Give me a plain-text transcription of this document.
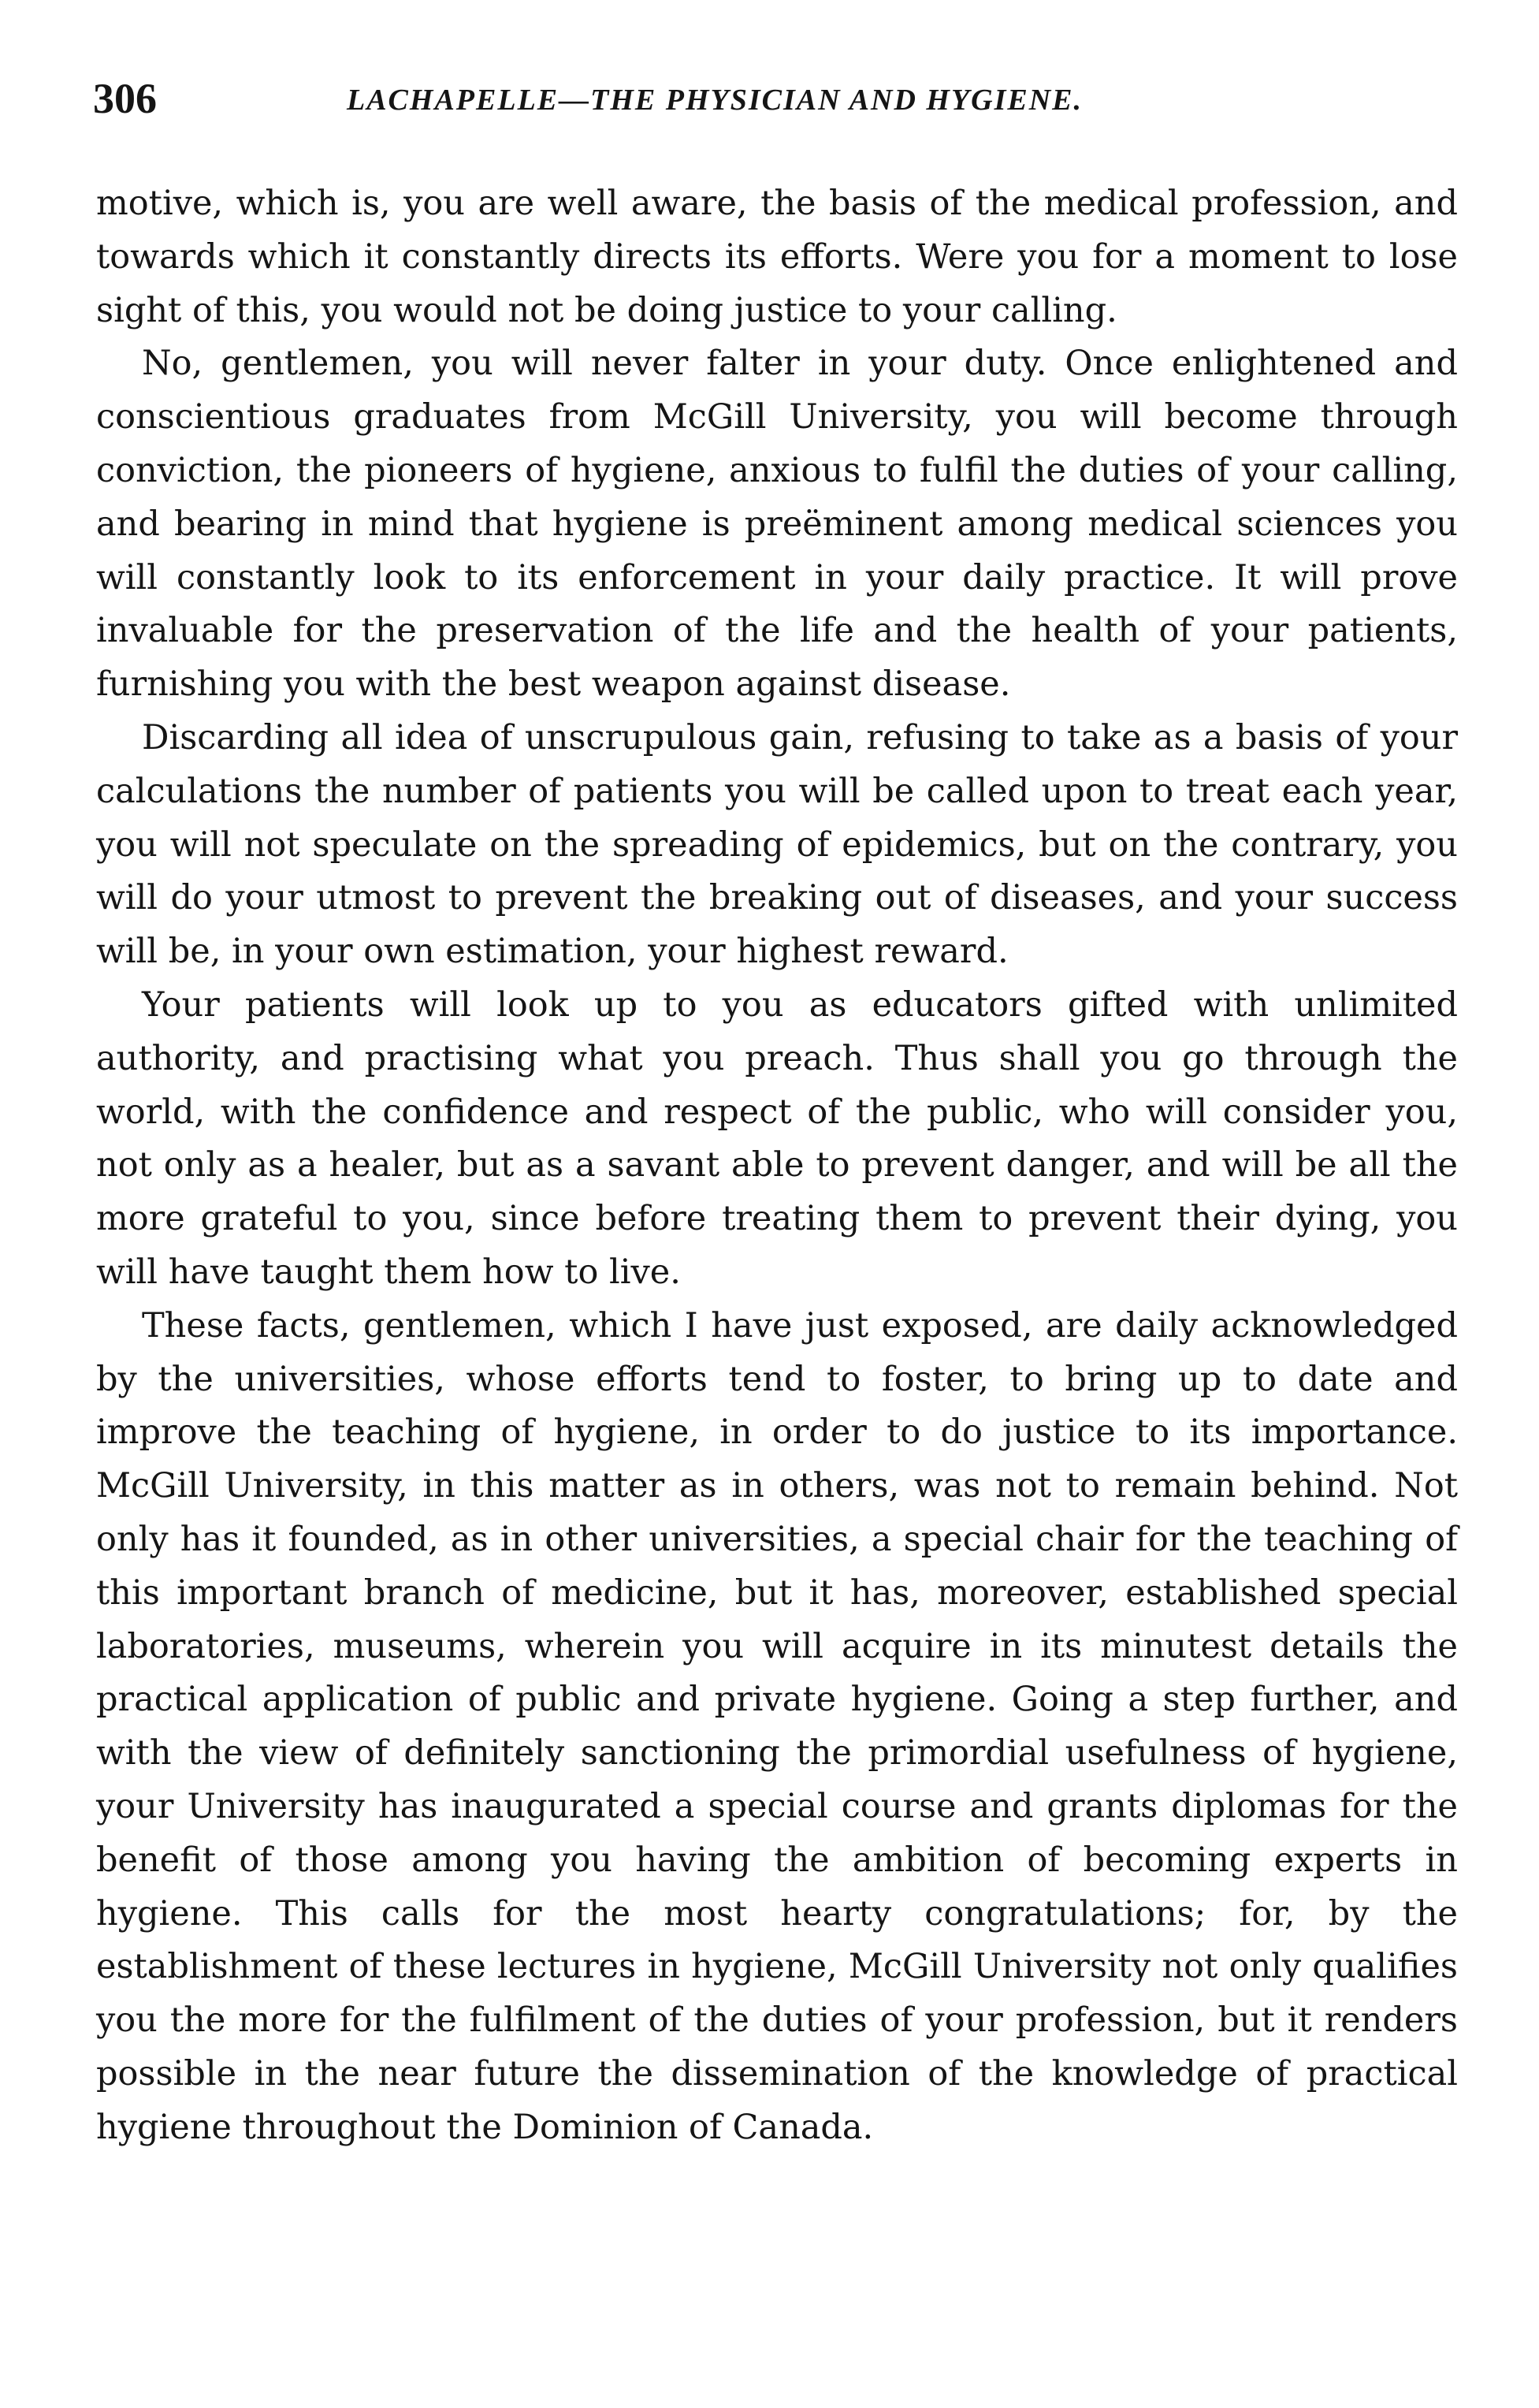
306	LACHAPELLE—THE PHYSICIAN AND HYGIENE.

motive, which is, you are well aware, the basis of the medical profession, and towards which it constantly directs its efforts. Were you for a moment to lose sight of this, you would not be doing justice to your calling.

No, gentlemen, you will never falter in your duty. Once enlightened and conscientious graduates from McGill University, you will become through conviction, the pioneers of hygiene, anxious to fulfil the duties of your calling, and bearing in mind that hygiene is preëminent among medical sciences you will constantly look to its enforcement in your daily practice. It will prove invaluable for the preservation of the life and the health of your patients, furnishing you with the best weapon against disease.

Discarding all idea of unscrupulous gain, refusing to take as a basis of your calculations the number of patients you will be called upon to treat each year, you will not speculate on the spreading of epidemics, but on the contrary, you will do your utmost to prevent the breaking out of diseases, and your success will be, in your own estimation, your highest reward.

Your patients will look up to you as educators gifted with unlimited authority, and practising what you preach. Thus shall you go through the world, with the confidence and respect of the public, who will consider you, not only as a healer, but as a savant able to prevent danger, and will be all the more grateful to you, since before treating them to prevent their dying, you will have taught them how to live.

These facts, gentlemen, which I have just exposed, are daily acknowledged by the universities, whose efforts tend to foster, to bring up to date and improve the teaching of hygiene, in order to do justice to its importance. McGill University, in this matter as in others, was not to remain behind. Not only has it founded, as in other universities, a special chair for the teaching of this important branch of medicine, but it has, moreover, established special laboratories, museums, wherein you will acquire in its minutest details the practical application of public and private hygiene. Going a step further, and with the view of definitely sanctioning the primordial usefulness of hygiene, your University has inaugurated a special course and grants diplomas for the benefit of those among you having the ambition of becoming experts in hygiene. This calls for the most hearty congratulations; for, by the establishment of these lectures in hygiene, McGill University not only qualifies you the more for the fulfilment of the duties of your profession, but it renders possible in the near future the dissemination of the knowledge of practical hygiene throughout the Dominion of Canada.
